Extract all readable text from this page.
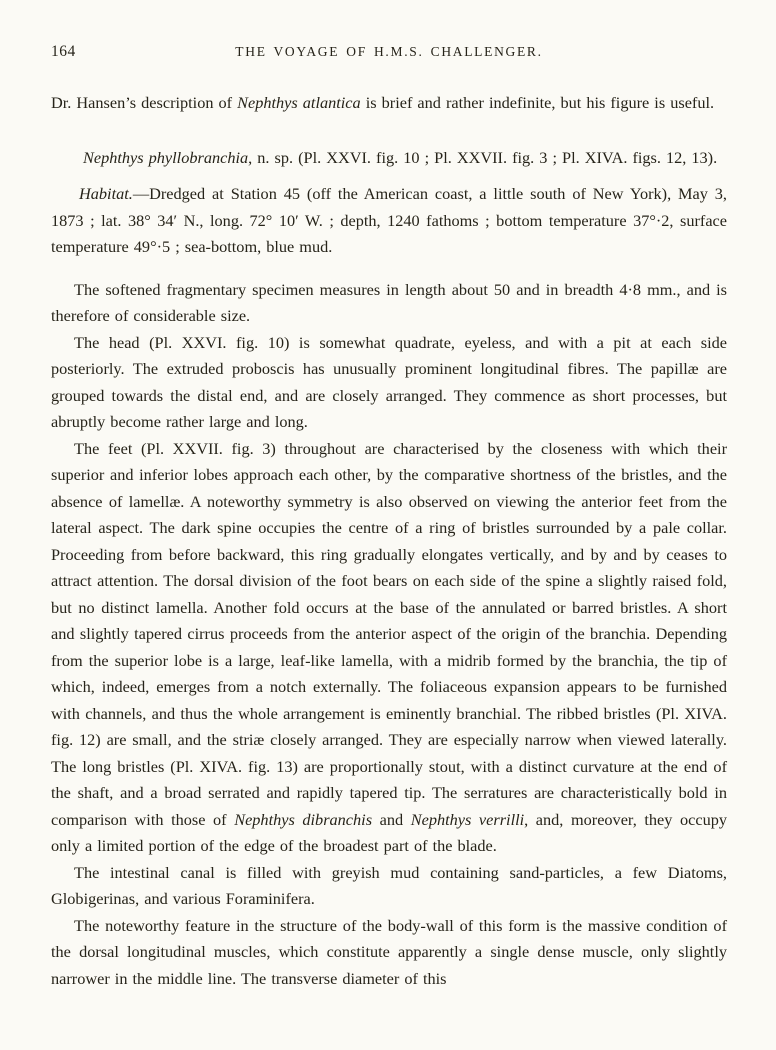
164	THE VOYAGE OF H.M.S. CHALLENGER.

Dr. Hansen’s description of Nephthys atlantica is brief and rather indefinite, but his figure is useful.

Nephthys phyllobranchia, n. sp. (Pl. XXVI. fig. 10 ; Pl. XXVII. fig. 3 ; Pl. XIVA. figs. 12, 13).

Habitat.—Dredged at Station 45 (off the American coast, a little south of New York), May 3, 1873 ; lat. 38° 34′ N., long. 72° 10′ W. ; depth, 1240 fathoms ; bottom temperature 37°·2, surface temperature 49°·5 ; sea-bottom, blue mud.

The softened fragmentary specimen measures in length about 50 and in breadth 4·8 mm., and is therefore of considerable size.

The head (Pl. XXVI. fig. 10) is somewhat quadrate, eyeless, and with a pit at each side posteriorly. The extruded proboscis has unusually prominent longitudinal fibres. The papillæ are grouped towards the distal end, and are closely arranged. They commence as short processes, but abruptly become rather large and long.

The feet (Pl. XXVII. fig. 3) throughout are characterised by the closeness with which their superior and inferior lobes approach each other, by the comparative shortness of the bristles, and the absence of lamellæ. A noteworthy symmetry is also observed on viewing the anterior feet from the lateral aspect. The dark spine occupies the centre of a ring of bristles surrounded by a pale collar. Proceeding from before backward, this ring gradually elongates vertically, and by and by ceases to attract attention. The dorsal division of the foot bears on each side of the spine a slightly raised fold, but no distinct lamella. Another fold occurs at the base of the annulated or barred bristles. A short and slightly tapered cirrus proceeds from the anterior aspect of the origin of the branchia. Depending from the superior lobe is a large, leaf-like lamella, with a midrib formed by the branchia, the tip of which, indeed, emerges from a notch externally. The foliaceous expansion appears to be furnished with channels, and thus the whole arrangement is eminently branchial. The ribbed bristles (Pl. XIVA. fig. 12) are small, and the striæ closely arranged. They are especially narrow when viewed laterally. The long bristles (Pl. XIVA. fig. 13) are proportionally stout, with a distinct curvature at the end of the shaft, and a broad serrated and rapidly tapered tip. The serratures are characteristically bold in comparison with those of Nephthys dibranchis and Nephthys verrilli, and, moreover, they occupy only a limited portion of the edge of the broadest part of the blade.

The intestinal canal is filled with greyish mud containing sand-particles, a few Diatoms, Globigerinas, and various Foraminifera.

The noteworthy feature in the structure of the body-wall of this form is the massive condition of the dorsal longitudinal muscles, which constitute apparently a single dense muscle, only slightly narrower in the middle line. The transverse diameter of this
